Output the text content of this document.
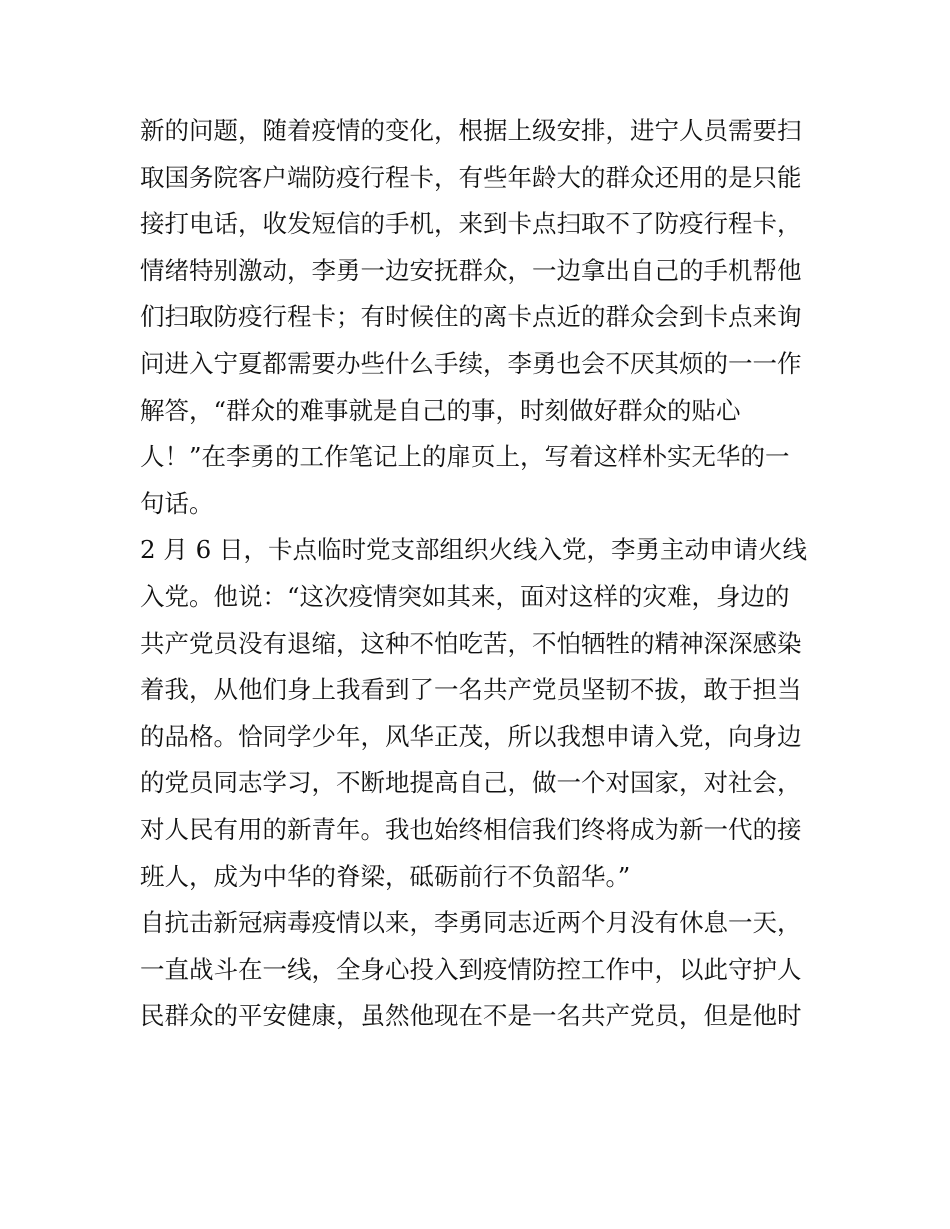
新的问题，随着疫情的变化，根据上级安排，进宁人员需要扫
取国务院客户端防疫行程卡，有些年龄大的群众还用的是只能
接打电话，收发短信的手机，来到卡点扫取不了防疫行程卡，
情绪特别激动，李勇一边安抚群众，一边拿出自己的手机帮他
们扫取防疫行程卡；有时候住的离卡点近的群众会到卡点来询
问进入宁夏都需要办些什么手续，李勇也会不厌其烦的一一作
解答，“群众的难事就是自己的事，时刻做好群众的贴心
人！”在李勇的工作笔记上的扉页上，写着这样朴实无华的一
句话。
2 月 6 日，卡点临时党支部组织火线入党，李勇主动申请火线
入党。他说：“这次疫情突如其来，面对这样的灾难，身边的
共产党员没有退缩，这种不怕吃苦，不怕牺牲的精神深深感染
着我，从他们身上我看到了一名共产党员坚韧不拔，敢于担当
的品格。恰同学少年，风华正茂，所以我想申请入党，向身边
的党员同志学习，不断地提高自己，做一个对国家，对社会，
对人民有用的新青年。我也始终相信我们终将成为新一代的接
班人，成为中华的脊梁，砥砺前行不负韶华。”
自抗击新冠病毒疫情以来，李勇同志近两个月没有休息一天，
一直战斗在一线，全身心投入到疫情防控工作中，以此守护人
民群众的平安健康，虽然他现在不是一名共产党员，但是他时
